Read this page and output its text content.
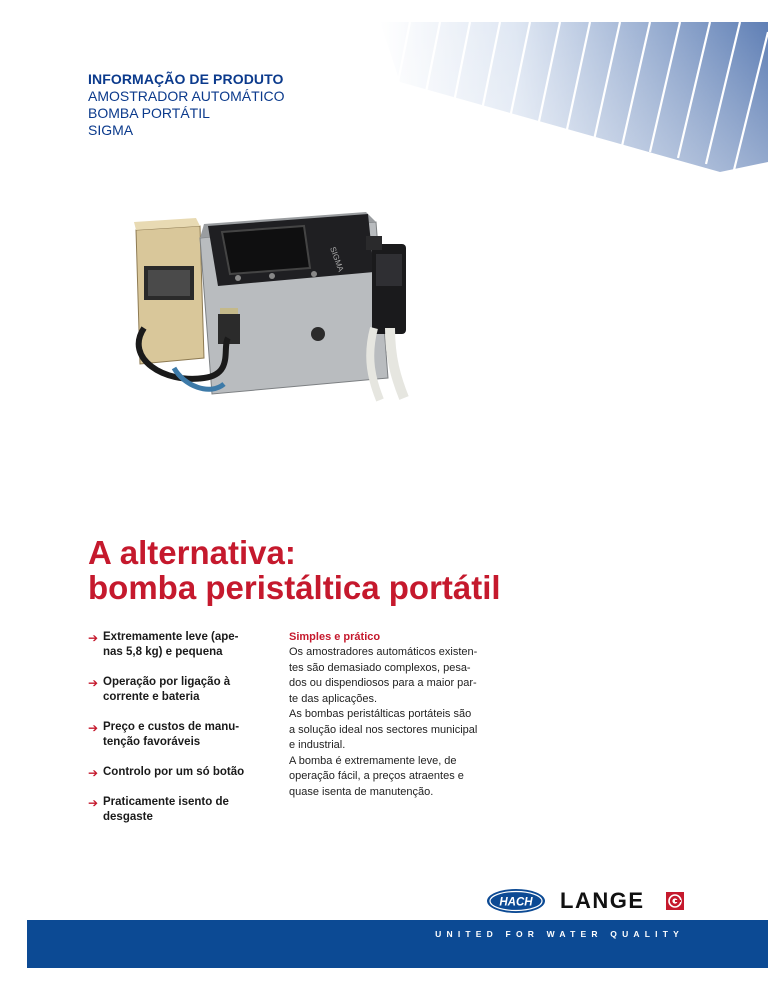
INFORMAÇÃO DE PRODUTO
AMOSTRADOR AUTOMÁTICO
BOMBA PORTÁTIL
SIGMA
SIGMA
A alternativa:
bomba peristáltica portátil
➔ Extremamente leve (ape-
nas 5,8 kg) e pequena
➔ Operação por ligação à
corrente e bateria
➔ Preço e custos de manu-
tenção favoráveis
➔ Controlo por um só botão
➔ Praticamente isento de
desgaste
Simples e prático

Os amostradores automáticos existen-
tes são demasiado complexos, pesa-
dos ou dispendiosos para a maior par-
te das aplicações.
As bombas peristálticas portáteis são
a solução ideal nos sectores municipal
e industrial.
A bomba é extremamente leve, de
operação fácil, a preços atraentes e
quase isenta de manutenção.

HACH LANGE
UNITED FOR WATER QUALITY
